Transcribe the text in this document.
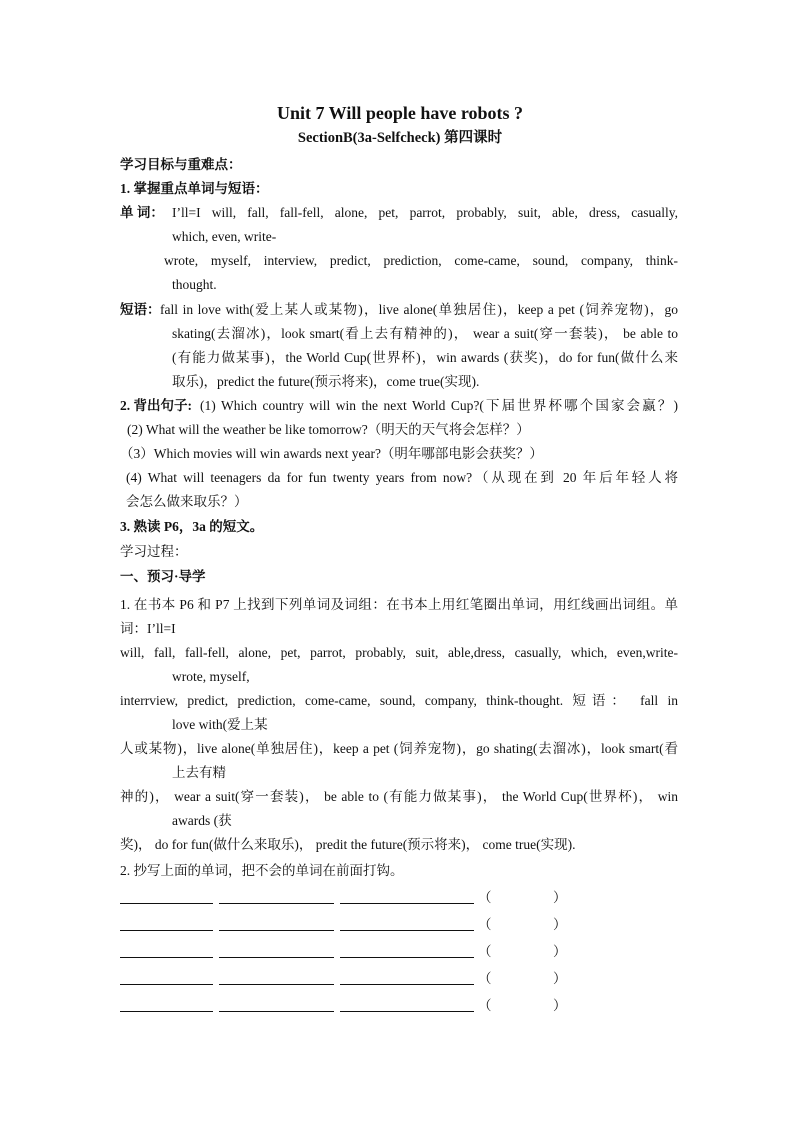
Unit 7 Will people have robots ?
SectionB(3a-Selfcheck) 第四课时
学习目标与重难点：
1. 掌握重点单词与短语：
单 词： I’ll=I will, fall, fall-fell, alone, pet, parrot, probably, suit, able, dress, casually,
which, even, write-
wrote, myself, interview, predict, prediction, come-came, sound, company, think-
thought.
短语： fall in love with(爱上某人或某物)，live alone(单独居住)，keep a pet (饲养宠物)，go
skating(去溜冰)，look smart(看上去有精神的)， wear a suit(穿一套装)， be able to
(有能力做某事)，the World Cup(世界杯)，win awards (获奖)，do for fun(做什么来
取乐)，predict the future(预示将来)，come true(实现).
2. 背出句子: (1) Which country will win the next World Cup?(下届世界杯哪个国家会赢？)
(2) What will the weather be like tomorrow?（明天的天气将会怎样？）
（3）Which movies will win awards next year?（明年哪部电影会获奖？）
(4) What will teenagers da for fun twenty years from now?（从现在到 20 年后年轻人将
会怎么做来取乐？）
3. 熟读 P6，3a 的短文。
学习过程：
一、预习·导学
1. 在书本 P6 和 P7 上找到下列单词及词组：在书本上用红笔圈出单词，用红线画出词组。单
词：I’ll=I
will, fall, fall-fell, alone, pet, parrot, probably, suit, able,dress, casually, which, even,write-
wrote, myself,
interrview, predict, prediction, come-came, sound, company, think-thought. 短语： fall in
love with(爱上某
人或某物)，live alone(单独居住)，keep a pet (饲养宠物)，go shating(去溜冰)，look smart(看
上去有精
神的)， wear a suit(穿一套装)， be able to (有能力做某事)， the World Cup(世界杯)， win
awards (获
奖)， do for fun(做什么来取乐)， predit the future(预示将来)， come true(实现).
2. 抄写上面的单词，把不会的单词在前面打钩。
（	）
（	）
（	）
（	）
（	）
